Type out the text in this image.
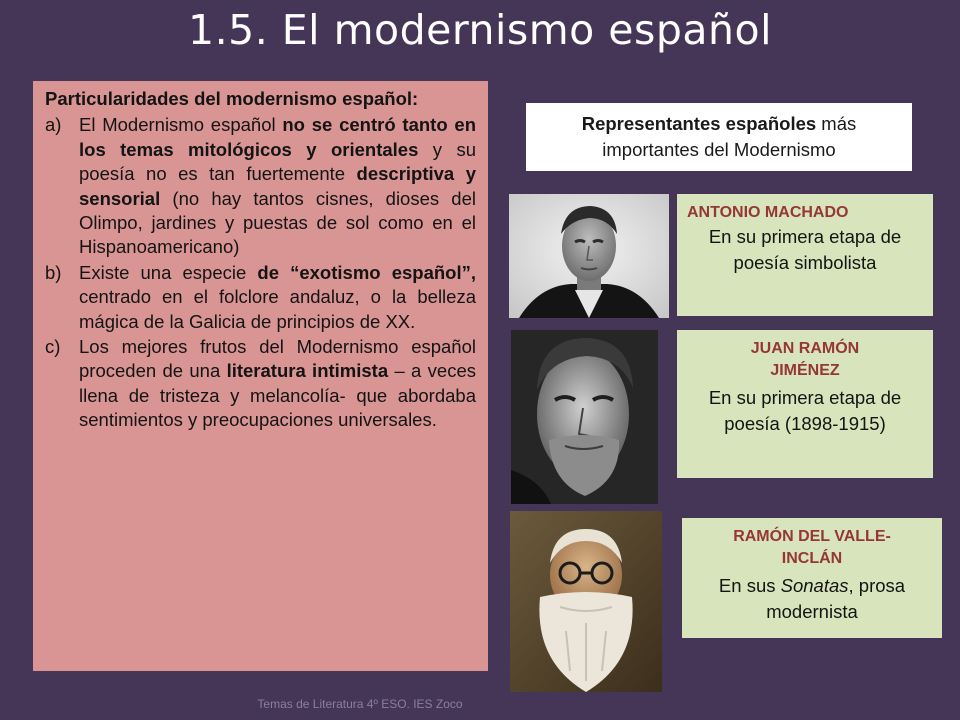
1.5. El modernismo español
Particularidades del modernismo español:
a) El Modernismo español no se centró tanto en los temas mitológicos y orientales y su poesía no es tan fuertemente descriptiva y sensorial (no hay tantos cisnes, dioses del Olimpo, jardines y puestas de sol como en el Hispanoamericano)
b) Existe una especie de “exotismo español”, centrado en el folclore andaluz, o la belleza mágica de la Galicia de principios de XX.
c) Los mejores frutos del Modernismo español proceden de una literatura intimista – a veces llena de tristeza y melancolía- que abordaba sentimientos y preocupaciones universales.
Representantes españoles más importantes del Modernismo
ANTONIO MACHADO
En su primera etapa de poesía simbolista
JUAN RAMÓN JIMÉNEZ
En su primera etapa de poesía (1898-1915)
RAMÓN DEL VALLE-INCLÁN
En sus Sonatas, prosa modernista
Temas de Literatura 4º ESO. IES Zoco
